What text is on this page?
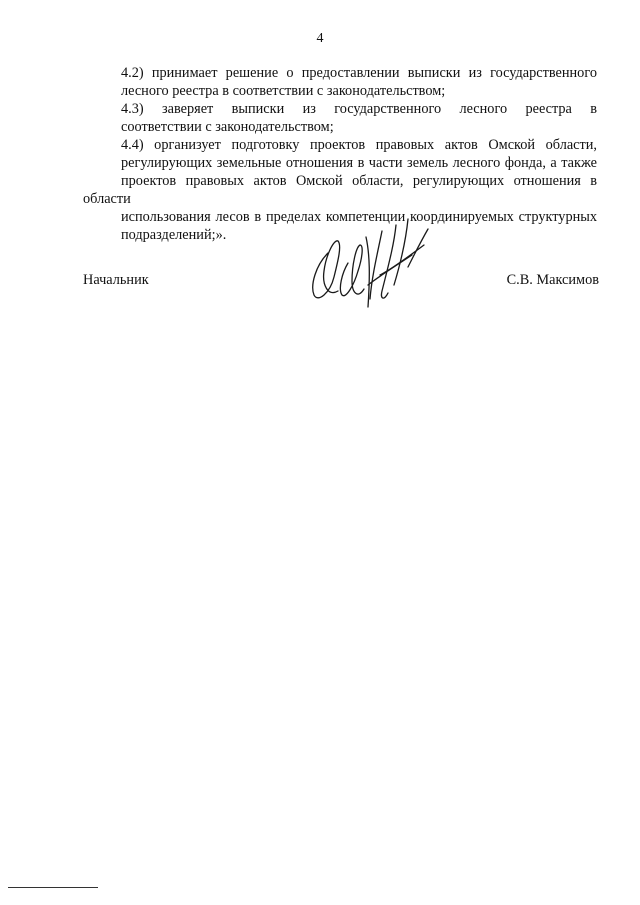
4
4.2) принимает решение о предоставлении выписки из государственного
лесного реестра в соответствии с законодательством;
4.3) заверяет выписки из государственного лесного реестра в
соответствии с законодательством;
4.4) организует подготовку проектов правовых актов Омской области,
регулирующих земельные отношения в части земель лесного фонда, а также
проектов правовых актов Омской области, регулирующих отношения в области
использования лесов в пределах компетенции координируемых структурных
подразделений;».
Начальник	С.В. Максимов
